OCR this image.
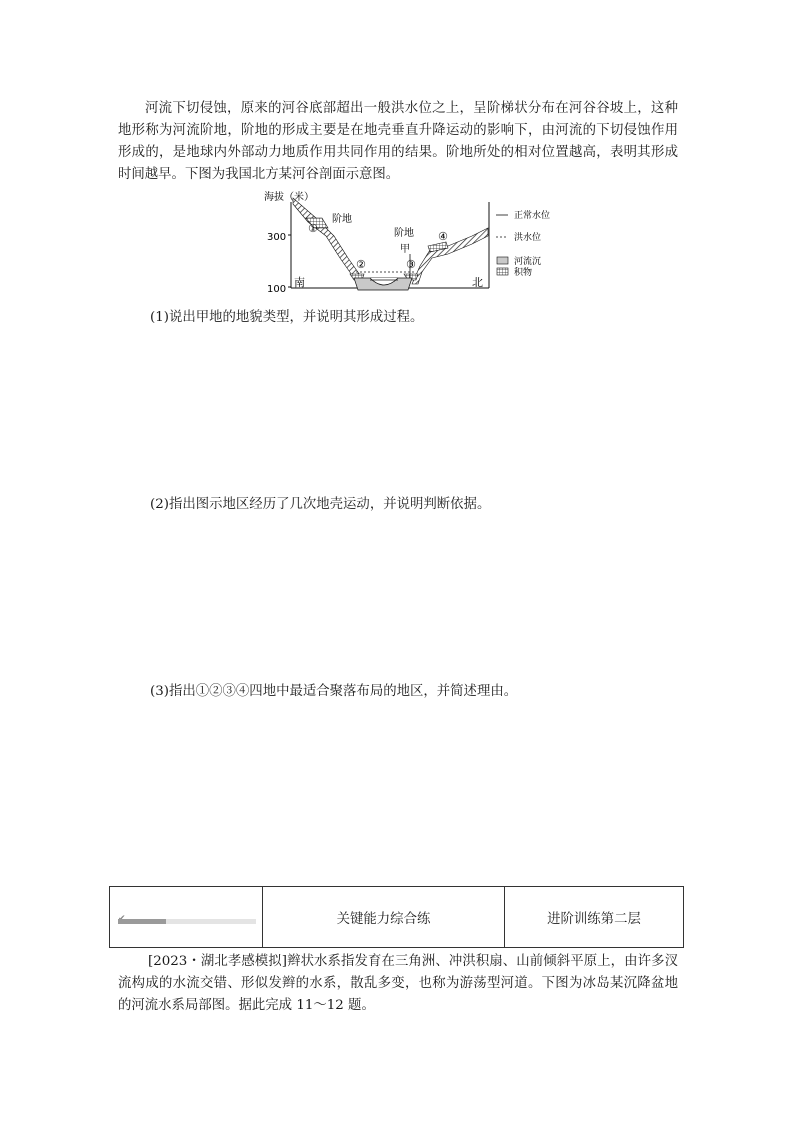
河流下切侵蚀，原来的河谷底部超出一般洪水位之上，呈阶梯状分布在河谷谷坡上，这种地形称为河流阶地，阶地的形成主要是在地壳垂直升降运动的影响下，由河流的下切侵蚀作用形成的，是地球内外部动力地质作用共同作用的结果。阶地所处的相对位置越高，表明其形成时间越早。下图为我国北方某河谷剖面示意图。

海拔（米）
300
100
南	北
①
②	③
④
阶地
阶地
甲
正常水位
洪水位
河流沉
积物

(1)说出甲地的地貌类型，并说明其形成过程。

(2)指出图示地区经历了几次地壳运动，并说明判断依据。

(3)指出①②③④四地中最适合聚落布局的地区，并简述理由。

关键能力综合练	进阶训练第二层

[2023・湖北孝感模拟]辫状水系指发育在三角洲、冲洪积扇、山前倾斜平原上，由许多汊流构成的水流交错、形似发辫的水系，散乱多变，也称为游荡型河道。下图为冰岛某沉降盆地的河流水系局部图。据此完成 11～12 题。
